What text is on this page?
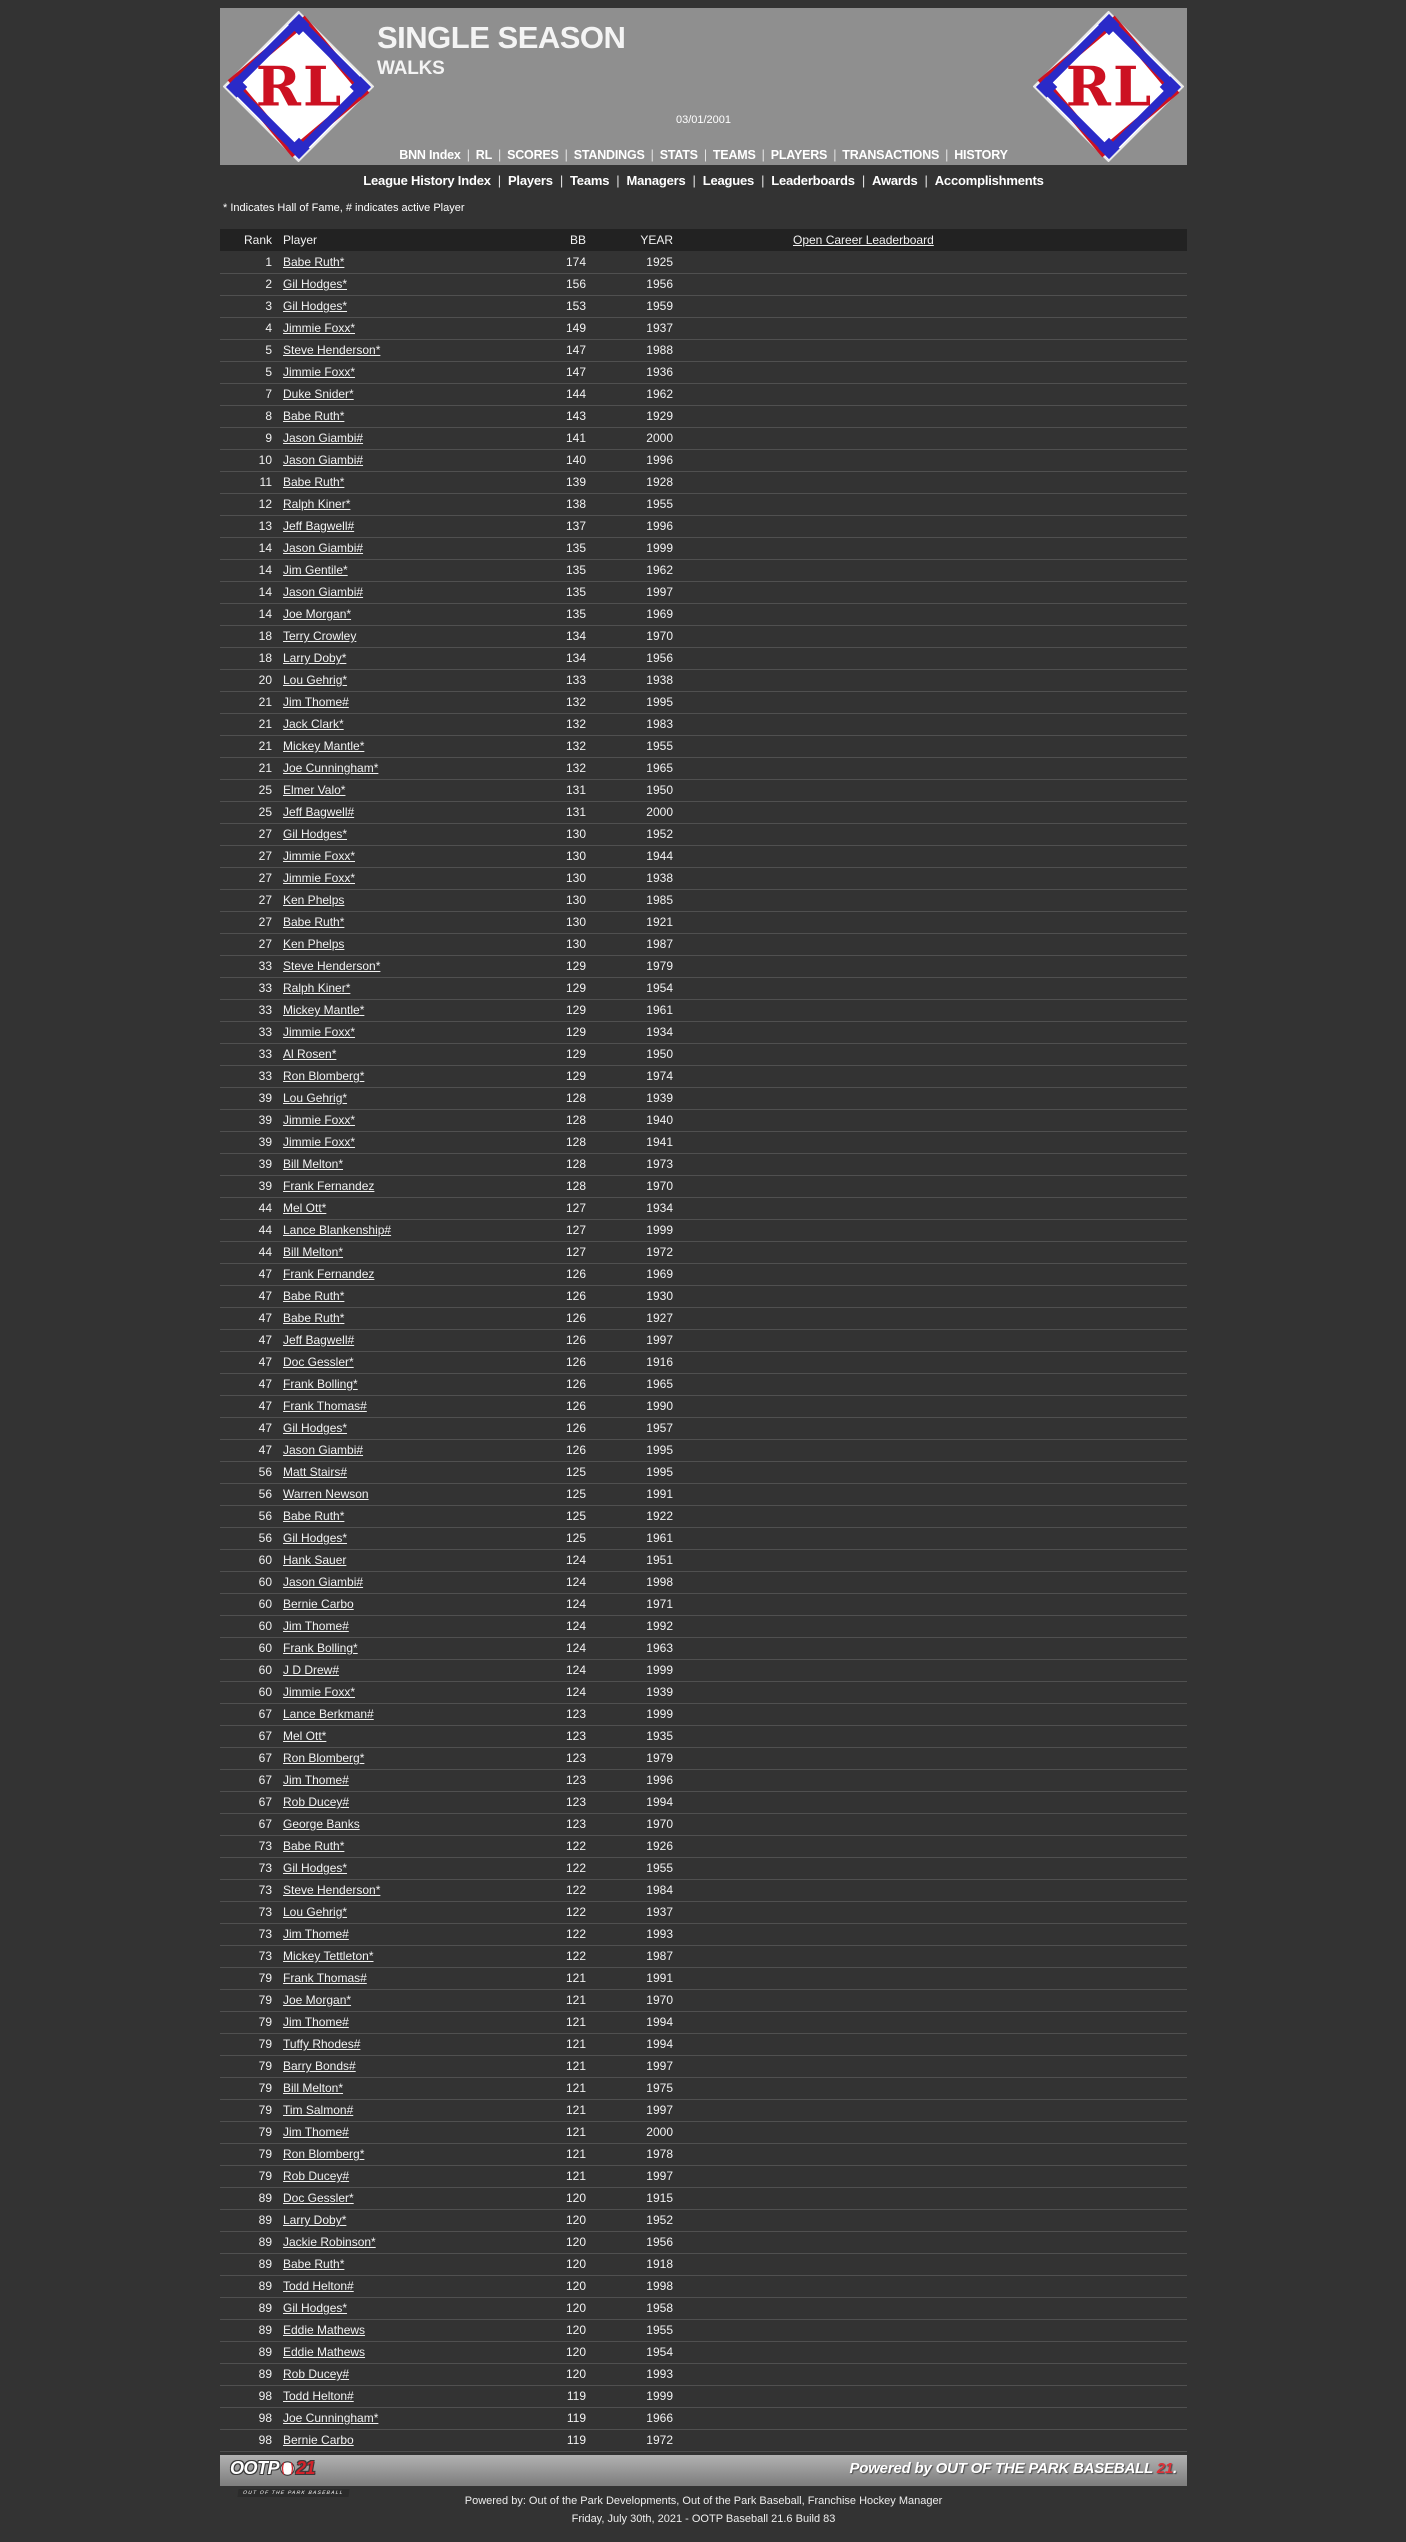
RL	RL
SINGLE SEASON
WALKS
03/01/2001
BNN Index | RL | SCORES | STANDINGS | STATS | TEAMS | PLAYERS | TRANSACTIONS | HISTORY
League History Index | Players | Teams | Managers | Leagues | Leaderboards | Awards | Accomplishments
* Indicates Hall of Fame, # indicates active Player
Rank	Player	BB	YEAR	Open Career Leaderboard
1	Babe Ruth*	174	1925	
2	Gil Hodges*	156	1956	
3	Gil Hodges*	153	1959	
4	Jimmie Foxx*	149	1937	
5	Steve Henderson*	147	1988	
5	Jimmie Foxx*	147	1936	
7	Duke Snider*	144	1962	
8	Babe Ruth*	143	1929	
9	Jason Giambi#	141	2000	
10	Jason Giambi#	140	1996	
11	Babe Ruth*	139	1928	
12	Ralph Kiner*	138	1955	
13	Jeff Bagwell#	137	1996	
14	Jason Giambi#	135	1999	
14	Jim Gentile*	135	1962	
14	Jason Giambi#	135	1997	
14	Joe Morgan*	135	1969	
18	Terry Crowley	134	1970	
18	Larry Doby*	134	1956	
20	Lou Gehrig*	133	1938	
21	Jim Thome#	132	1995	
21	Jack Clark*	132	1983	
21	Mickey Mantle*	132	1955	
21	Joe Cunningham*	132	1965	
25	Elmer Valo*	131	1950	
25	Jeff Bagwell#	131	2000	
27	Gil Hodges*	130	1952	
27	Jimmie Foxx*	130	1944	
27	Jimmie Foxx*	130	1938	
27	Ken Phelps	130	1985	
27	Babe Ruth*	130	1921	
27	Ken Phelps	130	1987	
33	Steve Henderson*	129	1979	
33	Ralph Kiner*	129	1954	
33	Mickey Mantle*	129	1961	
33	Jimmie Foxx*	129	1934	
33	Al Rosen*	129	1950	
33	Ron Blomberg*	129	1974	
39	Lou Gehrig*	128	1939	
39	Jimmie Foxx*	128	1940	
39	Jimmie Foxx*	128	1941	
39	Bill Melton*	128	1973	
39	Frank Fernandez	128	1970	
44	Mel Ott*	127	1934	
44	Lance Blankenship#	127	1999	
44	Bill Melton*	127	1972	
47	Frank Fernandez	126	1969	
47	Babe Ruth*	126	1930	
47	Babe Ruth*	126	1927	
47	Jeff Bagwell#	126	1997	
47	Doc Gessler*	126	1916	
47	Frank Bolling*	126	1965	
47	Frank Thomas#	126	1990	
47	Gil Hodges*	126	1957	
47	Jason Giambi#	126	1995	
56	Matt Stairs#	125	1995	
56	Warren Newson	125	1991	
56	Babe Ruth*	125	1922	
56	Gil Hodges*	125	1961	
60	Hank Sauer	124	1951	
60	Jason Giambi#	124	1998	
60	Bernie Carbo	124	1971	
60	Jim Thome#	124	1992	
60	Frank Bolling*	124	1963	
60	J D Drew#	124	1999	
60	Jimmie Foxx*	124	1939	
67	Lance Berkman#	123	1999	
67	Mel Ott*	123	1935	
67	Ron Blomberg*	123	1979	
67	Jim Thome#	123	1996	
67	Rob Ducey#	123	1994	
67	George Banks	123	1970	
73	Babe Ruth*	122	1926	
73	Gil Hodges*	122	1955	
73	Steve Henderson*	122	1984	
73	Lou Gehrig*	122	1937	
73	Jim Thome#	122	1993	
73	Mickey Tettleton*	122	1987	
79	Frank Thomas#	121	1991	
79	Joe Morgan*	121	1970	
79	Jim Thome#	121	1994	
79	Tuffy Rhodes#	121	1994	
79	Barry Bonds#	121	1997	
79	Bill Melton*	121	1975	
79	Tim Salmon#	121	1997	
79	Jim Thome#	121	2000	
79	Ron Blomberg*	121	1978	
79	Rob Ducey#	121	1997	
89	Doc Gessler*	120	1915	
89	Larry Doby*	120	1952	
89	Jackie Robinson*	120	1956	
89	Babe Ruth*	120	1918	
89	Todd Helton#	120	1998	
89	Gil Hodges*	120	1958	
89	Eddie Mathews	120	1955	
89	Eddie Mathews	120	1954	
89	Rob Ducey#	120	1993	
98	Todd Helton#	119	1999	
98	Joe Cunningham*	119	1966	
98	Bernie Carbo	119	1972	
OOTP 21
OUT OF THE PARK BASEBALL
Powered by OUT OF THE PARK BASEBALL 21.
Powered by: Out of the Park Developments, Out of the Park Baseball, Franchise Hockey Manager
Friday, July 30th, 2021 - OOTP Baseball 21.6 Build 83
